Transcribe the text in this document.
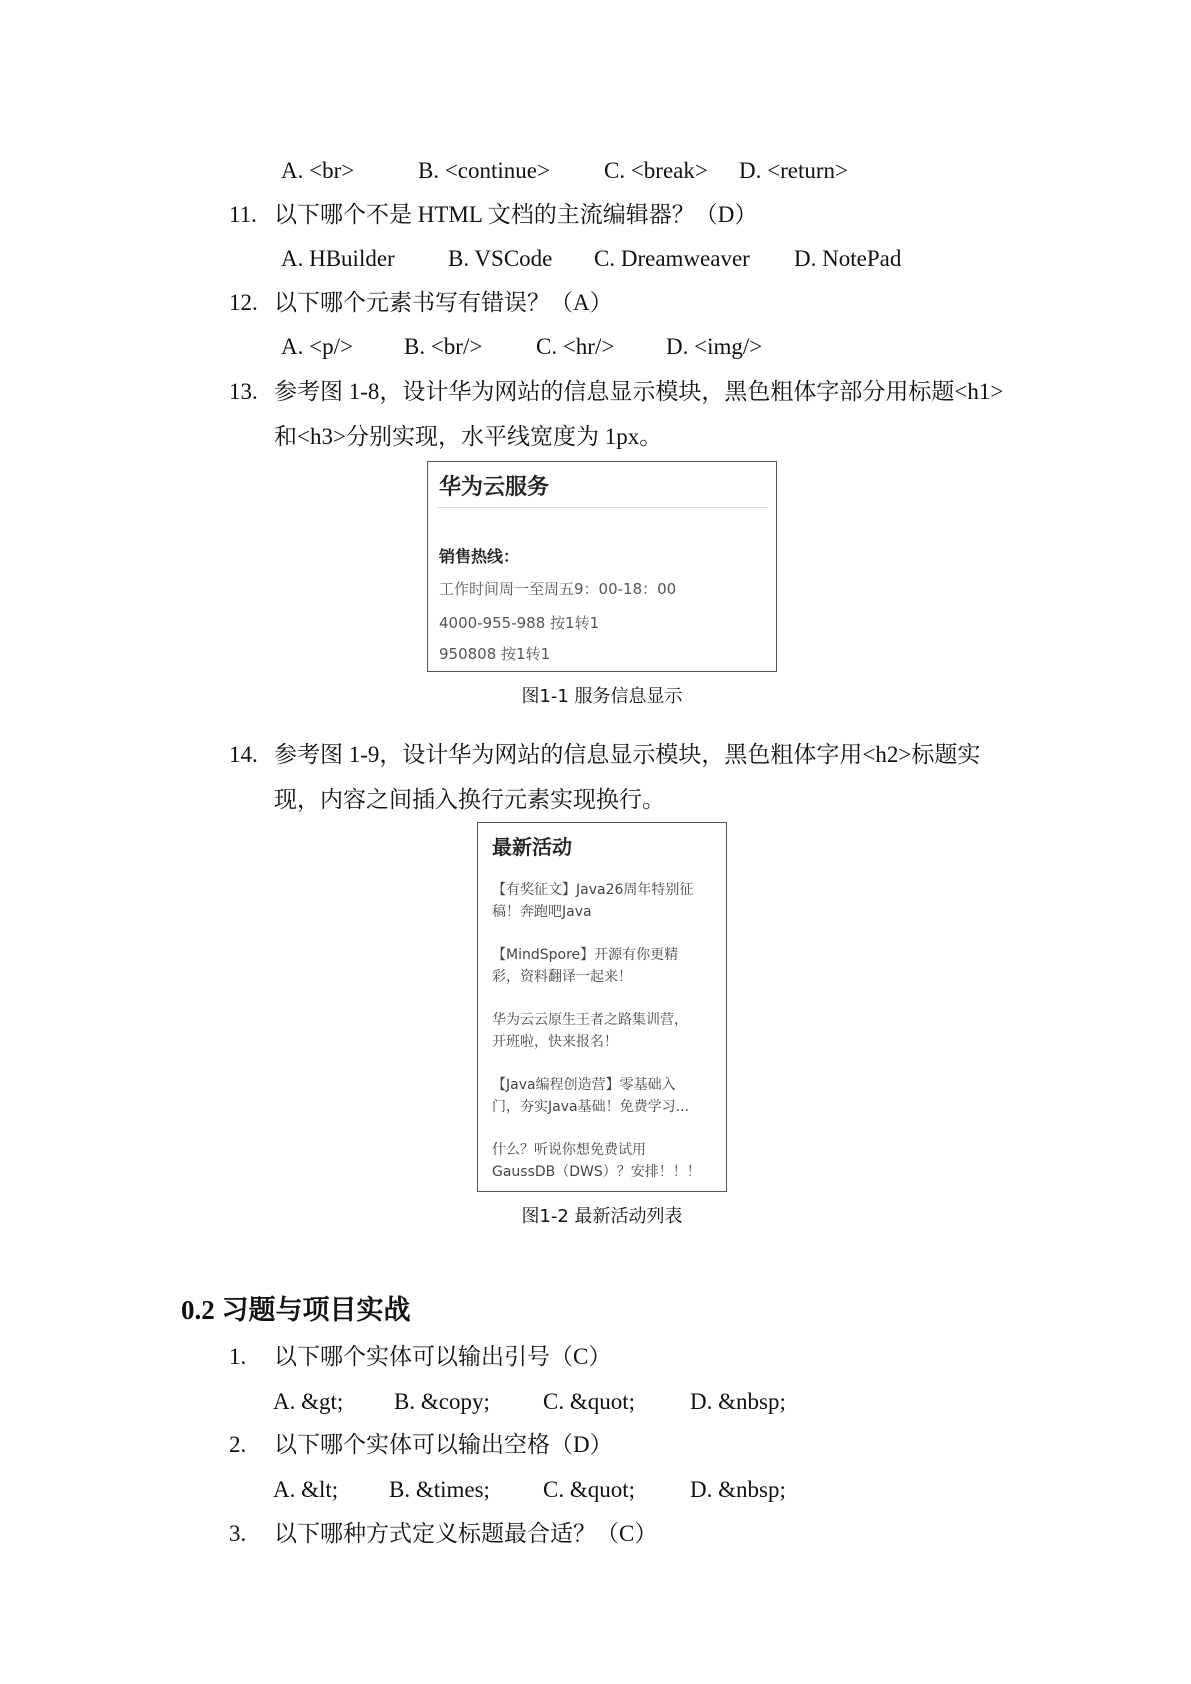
A. <br>	B. <continue> C. <break> D. <return>
11. 以下哪个不是 HTML 文档的主流编辑器？（D）
A. HBuilder B. VSCode C. Dreamweaver D. NotePad
12. 以下哪个元素书写有错误？（A）
A. <p/> B. <br/> C. <hr/> D. <img/>
13. 参考图 1-8，设计华为网站的信息显示模块，黑色粗体字部分用标题<h1>
和<h3>分别实现，水平线宽度为 1px。
华为云服务
销售热线：
工作时间周一至周五9：00-18：00
4000-955-988 按1转1
950808 按1转1
图1-1 服务信息显示
14. 参考图 1-9，设计华为网站的信息显示模块，黑色粗体字用<h2>标题实
现，内容之间插入换行元素实现换行。
最新活动
【有奖征文】Java26周年特别征
稿！奔跑吧Java
【MindSpore】开源有你更精
彩，资料翻译一起来！
华为云云原生王者之路集训营，
开班啦，快来报名！
【Java编程创造营】零基础入
门，夯实Java基础！免费学习...
什么？听说你想免费试用
GaussDB（DWS）？安排！！！
图1-2 最新活动列表
0.2 习题与项目实战
1. 以下哪个实体可以输出引号（C）
A. &gt; B. &copy; C. &quot; D. &nbsp;
2. 以下哪个实体可以输出空格（D）
A. &lt; B. &times; C. &quot; D. &nbsp;
3. 以下哪种方式定义标题最合适？（C）
